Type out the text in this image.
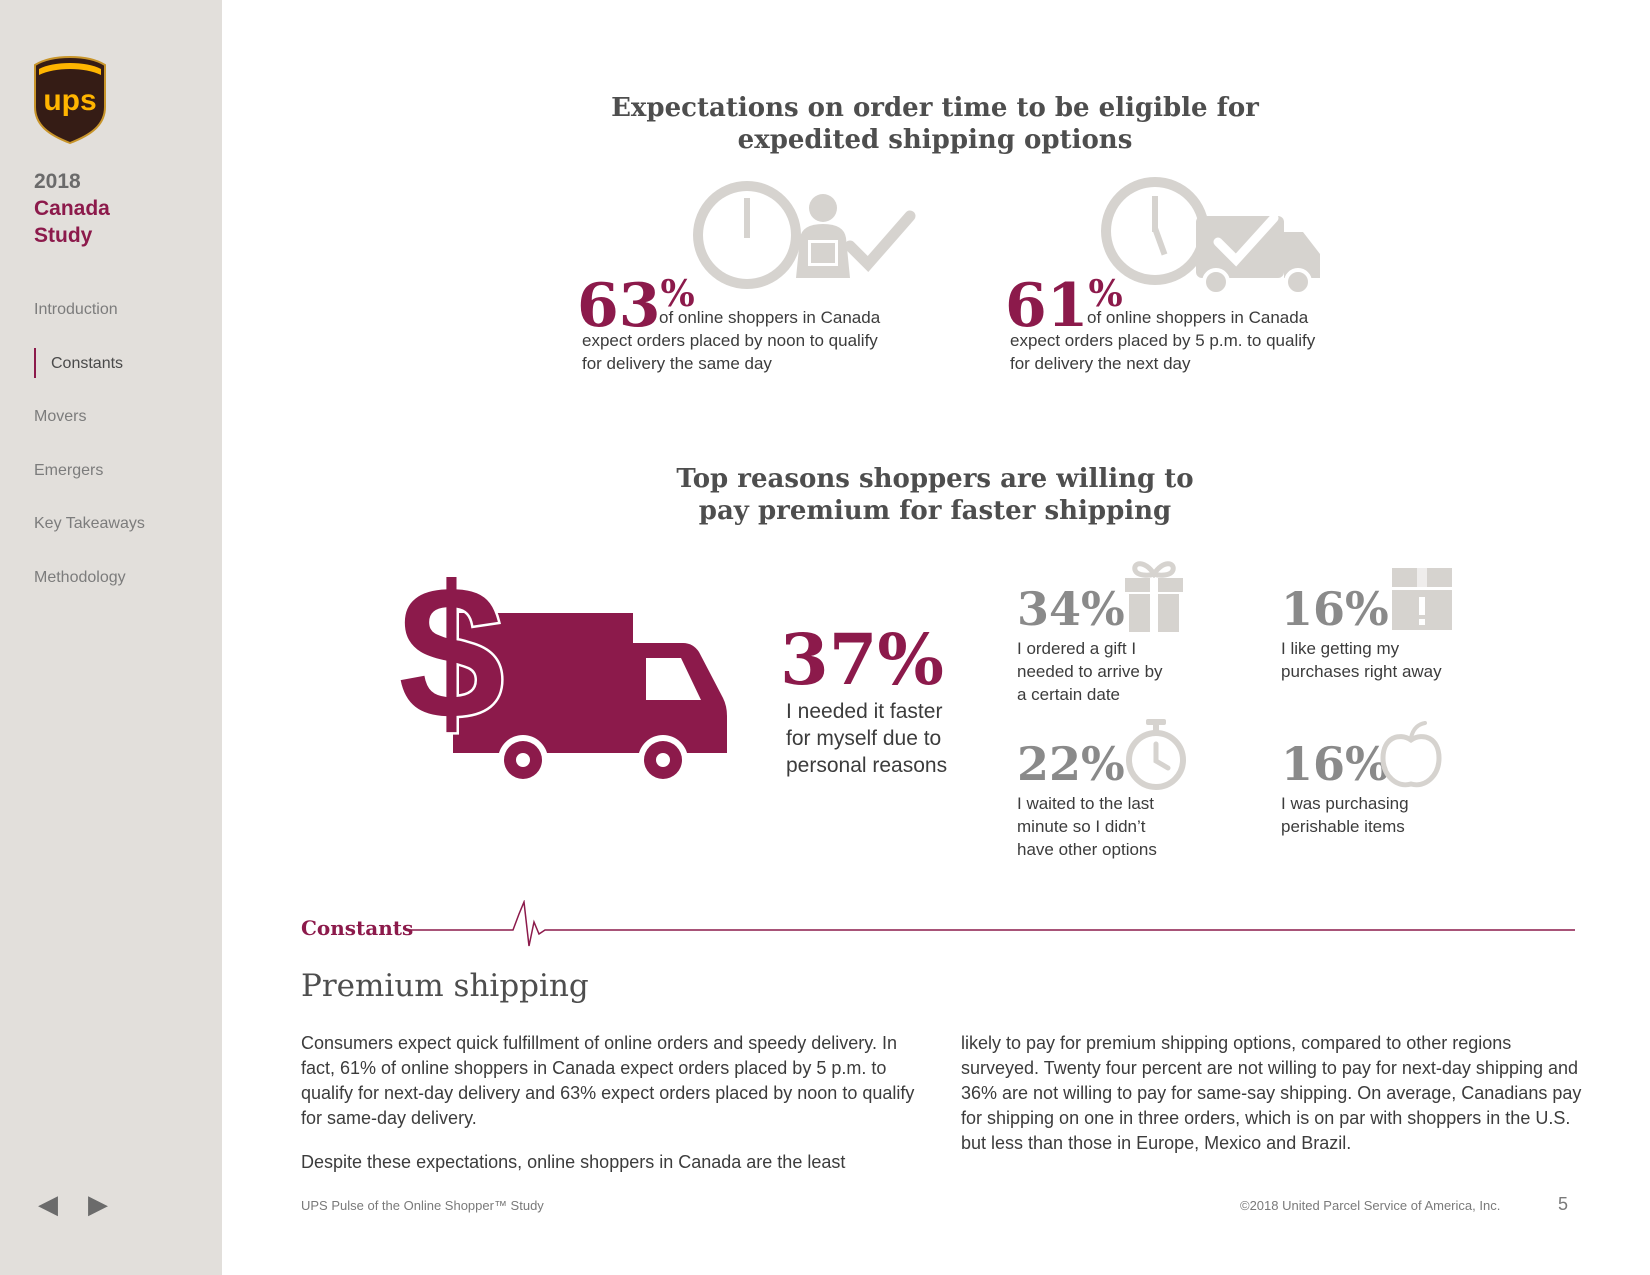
ups
2018
Canada
Study
Introduction
Constants
Movers
Emergers
Key Takeaways
Methodology
◀ ▶
Expectations on order time to be eligible for
expedited shipping options
63%
of online shoppers in Canada
expect orders placed by noon to qualify
for delivery the same day
61%
of online shoppers in Canada
expect orders placed by 5 p.m. to qualify
for delivery the next day
Top reasons shoppers are willing to
pay premium for faster shipping
$	37%
I needed it faster
for myself due to
personal reasons
34%
I ordered a gift I
needed to arrive by
a certain date
16%
I like getting my
purchases right away
22%
I waited to the last
minute so I didn’t
have other options
16%
I was purchasing
perishable items
Constants
Premium shipping

Consumers expect quick fulfillment of online orders and speedy delivery. In fact, 61% of online shoppers in Canada expect orders placed by 5 p.m. to qualify for next-day delivery and 63% expect orders placed by noon to qualify for same-day delivery.

Despite these expectations, online shoppers in Canada are the least

likely to pay for premium shipping options, compared to other regions surveyed. Twenty four percent are not willing to pay for next-day shipping and 36% are not willing to pay for same-say shipping. On average, Canadians pay for shipping on one in three orders, which is on par with shoppers in the U.S. but less than those in Europe, Mexico and Brazil.

UPS Pulse of the Online Shopper™ Study	©2018 United Parcel Service of America, Inc.	5
